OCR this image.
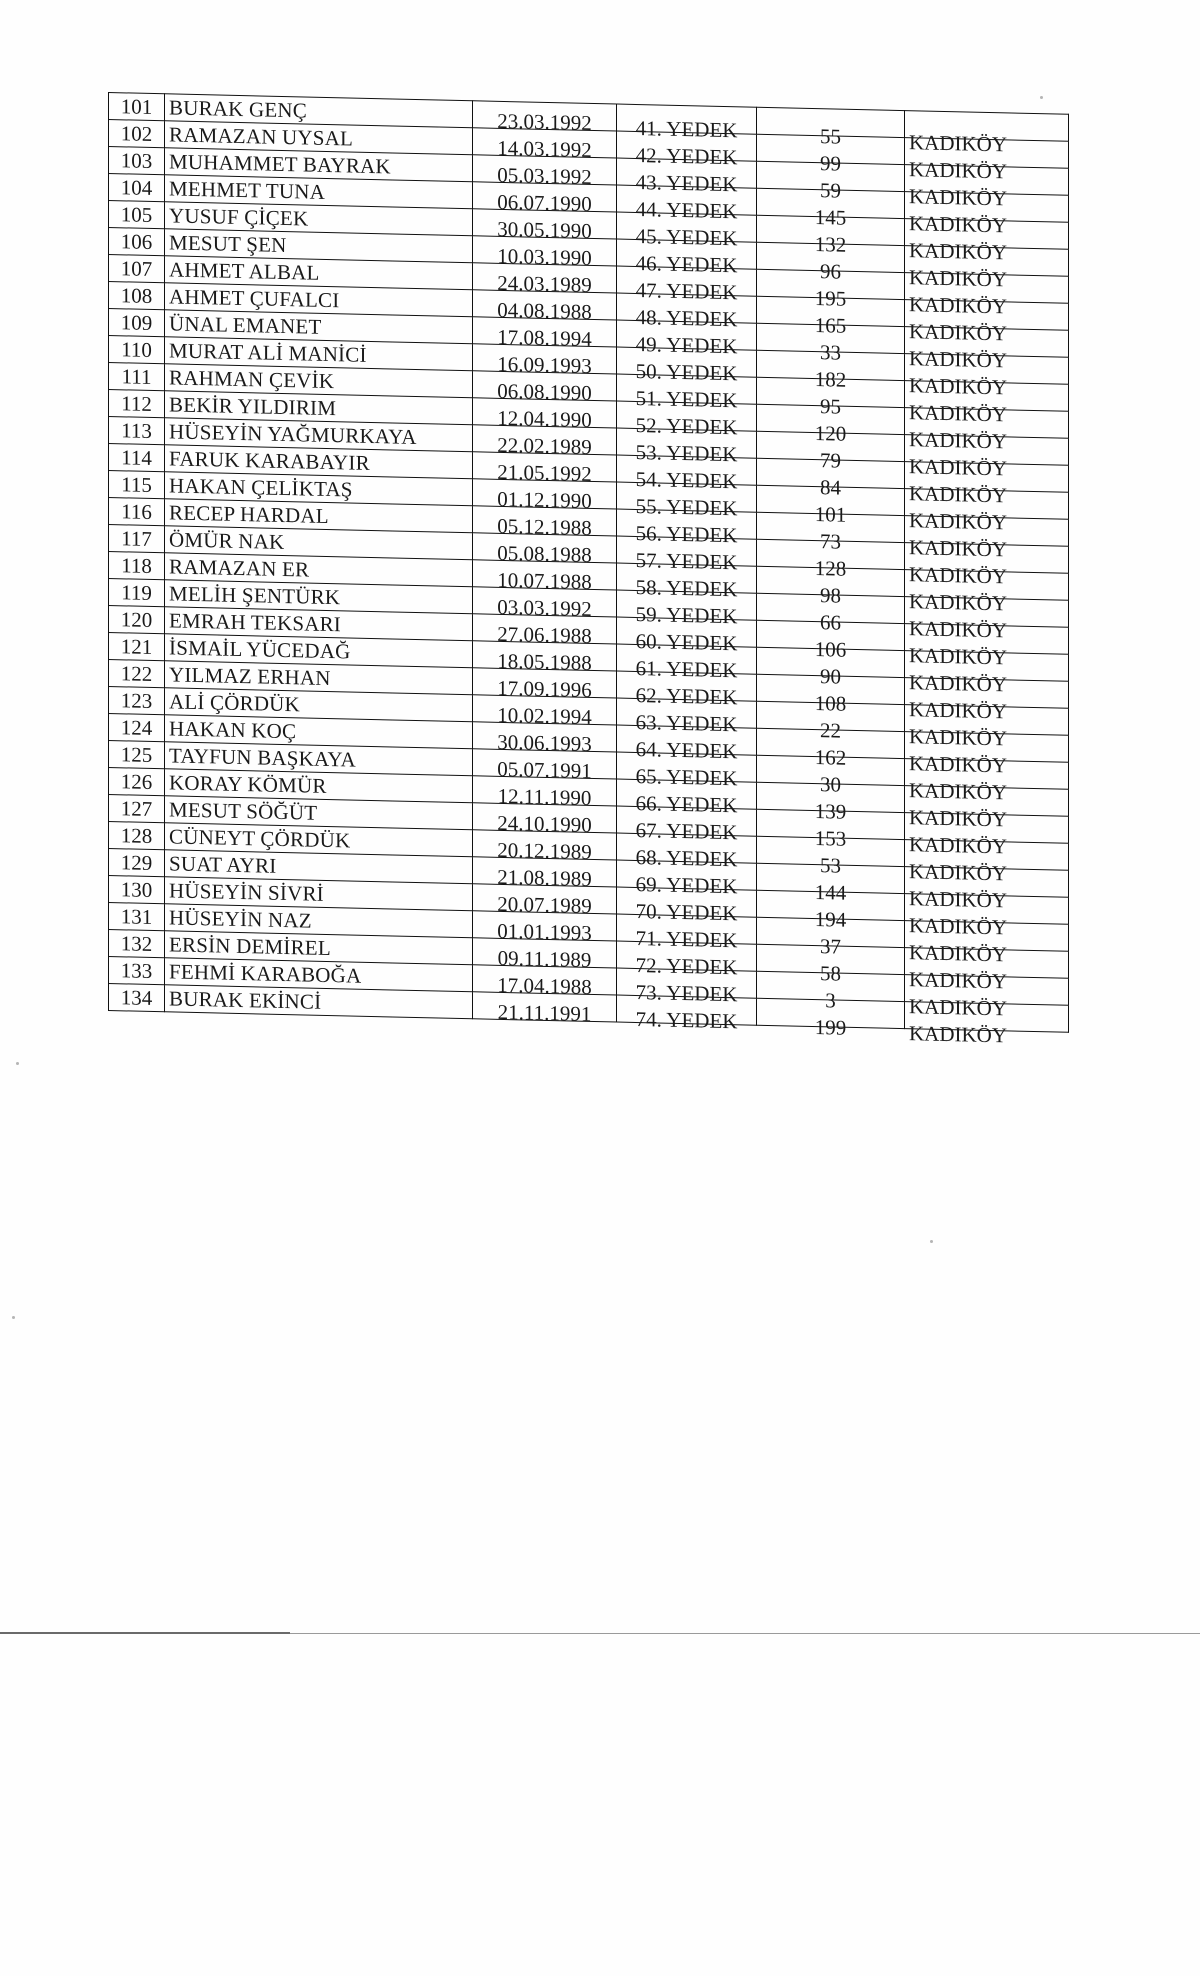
101	BURAK GENÇ	23.03.1992	41. YEDEK	55	KADIKÖY
102	RAMAZAN UYSAL	14.03.1992	42. YEDEK	99	KADIKÖY
103	MUHAMMET BAYRAK	05.03.1992	43. YEDEK	59	KADIKÖY
104	MEHMET TUNA	06.07.1990	44. YEDEK	145	KADIKÖY
105	YUSUF ÇİÇEK	30.05.1990	45. YEDEK	132	KADIKÖY
106	MESUT ŞEN	10.03.1990	46. YEDEK	96	KADIKÖY
107	AHMET ALBAL	24.03.1989	47. YEDEK	195	KADIKÖY
108	AHMET ÇUFALCI	04.08.1988	48. YEDEK	165	KADIKÖY
109	ÜNAL EMANET	17.08.1994	49. YEDEK	33	KADIKÖY
110	MURAT ALİ MANİCİ	16.09.1993	50. YEDEK	182	KADIKÖY
111	RAHMAN ÇEVİK	06.08.1990	51. YEDEK	95	KADIKÖY
112	BEKİR YILDIRIM	12.04.1990	52. YEDEK	120	KADIKÖY
113	HÜSEYİN YAĞMURKAYA	22.02.1989	53. YEDEK	79	KADIKÖY
114	FARUK KARABAYIR	21.05.1992	54. YEDEK	84	KADIKÖY
115	HAKAN ÇELİKTAŞ	01.12.1990	55. YEDEK	101	KADIKÖY
116	RECEP HARDAL	05.12.1988	56. YEDEK	73	KADIKÖY
117	ÖMÜR NAK	05.08.1988	57. YEDEK	128	KADIKÖY
118	RAMAZAN ER	10.07.1988	58. YEDEK	98	KADIKÖY
119	MELİH ŞENTÜRK	03.03.1992	59. YEDEK	66	KADIKÖY
120	EMRAH TEKSARI	27.06.1988	60. YEDEK	106	KADIKÖY
121	İSMAİL YÜCEDAĞ	18.05.1988	61. YEDEK	90	KADIKÖY
122	YILMAZ ERHAN	17.09.1996	62. YEDEK	108	KADIKÖY
123	ALİ ÇÖRDÜK	10.02.1994	63. YEDEK	22	KADIKÖY
124	HAKAN KOÇ	30.06.1993	64. YEDEK	162	KADIKÖY
125	TAYFUN BAŞKAYA	05.07.1991	65. YEDEK	30	KADIKÖY
126	KORAY KÖMÜR	12.11.1990	66. YEDEK	139	KADIKÖY
127	MESUT SÖĞÜT	24.10.1990	67. YEDEK	153	KADIKÖY
128	CÜNEYT ÇÖRDÜK	20.12.1989	68. YEDEK	53	KADIKÖY
129	SUAT AYRI	21.08.1989	69. YEDEK	144	KADIKÖY
130	HÜSEYİN SİVRİ	20.07.1989	70. YEDEK	194	KADIKÖY
131	HÜSEYİN NAZ	01.01.1993	71. YEDEK	37	KADIKÖY
132	ERSİN DEMİREL	09.11.1989	72. YEDEK	58	KADIKÖY
133	FEHMİ KARABOĞA	17.04.1988	73. YEDEK	3	KADIKÖY
134	BURAK EKİNCİ	21.11.1991	74. YEDEK	199	KADIKÖY
